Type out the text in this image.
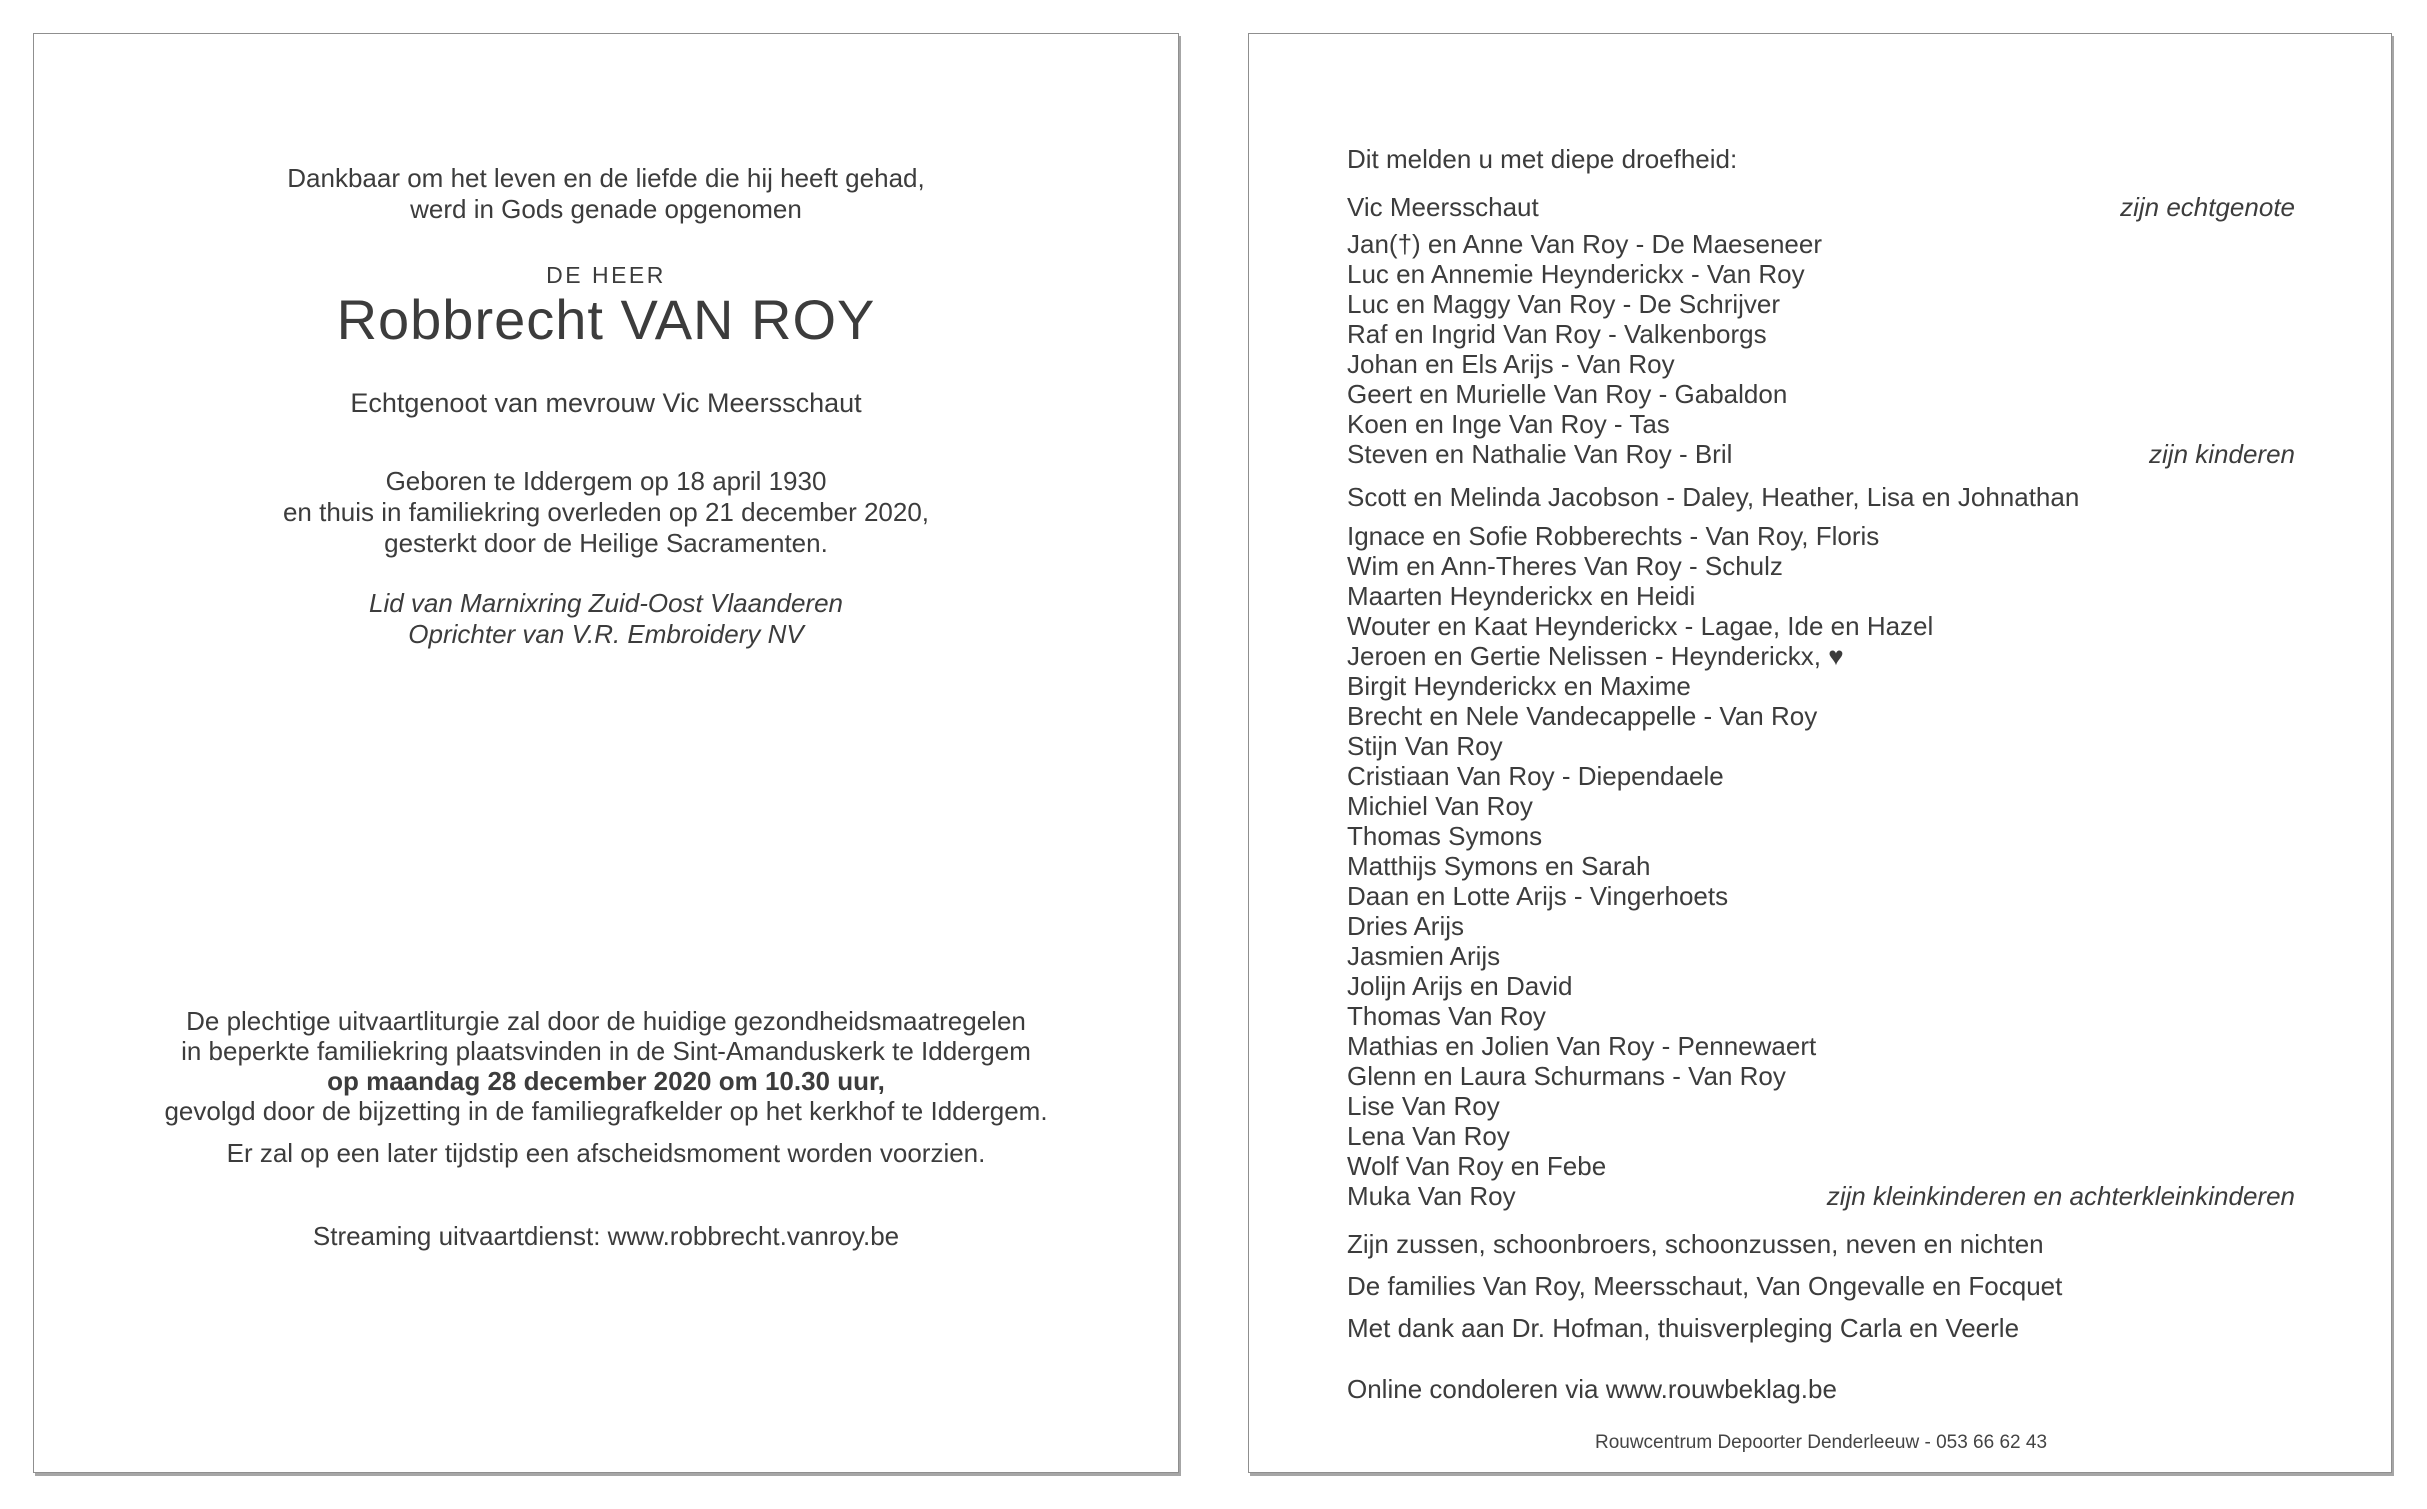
Dankbaar om het leven en de liefde die hij heeft gehad,
werd in Gods genade opgenomen
DE HEER
Robbrecht VAN ROY
Echtgenoot van mevrouw Vic Meersschaut
Geboren te Iddergem op 18 april 1930
en thuis in familiekring overleden op 21 december 2020,
gesterkt door de Heilige Sacramenten.
Lid van Marnixring Zuid-Oost Vlaanderen
Oprichter van V.R. Embroidery NV
De plechtige uitvaartliturgie zal door de huidige gezondheidsmaatregelen
in beperkte familiekring plaatsvinden in de Sint-Amanduskerk te Iddergem
op maandag 28 december 2020 om 10.30 uur,
gevolgd door de bijzetting in de familiegrafkelder op het kerkhof te Iddergem.
Er zal op een later tijdstip een afscheidsmoment worden voorzien.
Streaming uitvaartdienst: www.robbrecht.vanroy.be
Dit melden u met diepe droefheid:
Vic Meersschaut	zijn echtgenote
zijn kinderen
Jan(†) en Anne Van Roy - De Maeseneer
Luc en Annemie Heynderickx - Van Roy
Luc en Maggy Van Roy - De Schrijver
Raf en Ingrid Van Roy - Valkenborgs
Johan en Els Arijs - Van Roy
Geert en Murielle Van Roy - Gabaldon
Koen en Inge Van Roy - Tas
Steven en Nathalie Van Roy - Bril
Scott en Melinda Jacobson - Daley, Heather, Lisa en Johnathan
zijn kleinkinderen en achterkleinkinderen
Ignace en Sofie Robberechts - Van Roy, Floris
Wim en Ann-Theres Van Roy - Schulz
Maarten Heynderickx en Heidi
Wouter en Kaat Heynderickx - Lagae, Ide en Hazel
Jeroen en Gertie Nelissen - Heynderickx, ♥
Birgit Heynderickx en Maxime
Brecht en Nele Vandecappelle - Van Roy
Stijn Van Roy
Cristiaan Van Roy - Diependaele
Michiel Van Roy
Thomas Symons
Matthijs Symons en Sarah
Daan en Lotte Arijs - Vingerhoets
Dries Arijs
Jasmien Arijs
Jolijn Arijs en David
Thomas Van Roy
Mathias en Jolien Van Roy - Pennewaert
Glenn en Laura Schurmans - Van Roy
Lise Van Roy
Lena Van Roy
Wolf Van Roy en Febe
Muka Van Roy
Zijn zussen, schoonbroers, schoonzussen, neven en nichten
De families Van Roy, Meersschaut, Van Ongevalle en Focquet
Met dank aan Dr. Hofman, thuisverpleging Carla en Veerle
Online condoleren via www.rouwbeklag.be
Rouwcentrum Depoorter Denderleeuw - 053 66 62 43
